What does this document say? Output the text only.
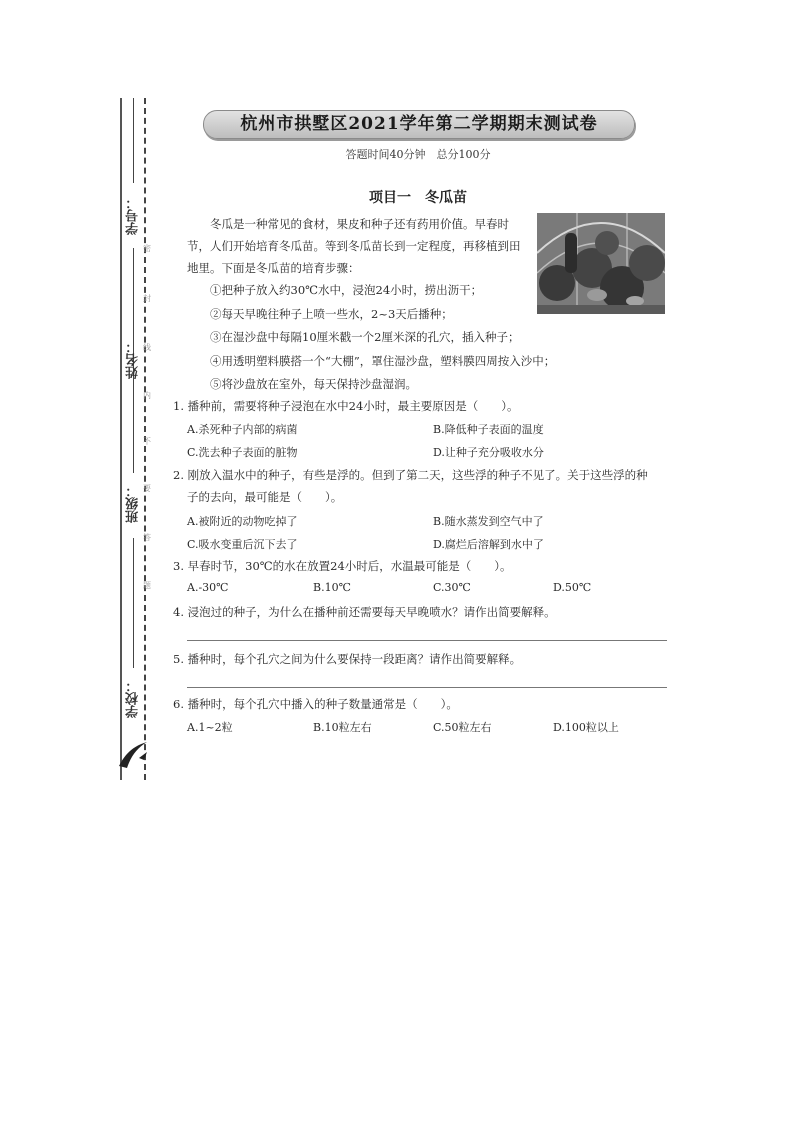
学号：
姓名：
班级：
学校：
密
封
线
内
不
要
答
题
杭州市拱墅区2021学年第二学期期末测试卷
答题时间40分钟　总分100分
项目一　冬瓜苗

冬瓜是一种常见的食材，果皮和种子还有药用价值。早春时节，人们开始培育冬瓜苗。等到冬瓜苗长到一定程度，再移植到田地里。下面是冬瓜苗的培育步骤：

①把种子放入约30℃水中，浸泡24小时，捞出沥干；
②每天早晚往种子上喷一些水，2~3天后播种；
③在湿沙盘中每隔10厘米戳一个2厘米深的孔穴，插入种子；
④用透明塑料膜搭一个“大棚”，罩住湿沙盘，塑料膜四周按入沙中；
⑤将沙盘放在室外，每天保持沙盘湿润。
1. 播种前，需要将种子浸泡在水中24小时，最主要原因是（　　）。
A.杀死种子内部的病菌	B.降低种子表面的温度
C.洗去种子表面的脏物	D.让种子充分吸收水分
2. 刚放入温水中的种子，有些是浮的。但到了第二天，这些浮的种子不见了。关于这些浮的种
子的去向，最可能是（　　）。
A.被附近的动物吃掉了	B.随水蒸发到空气中了
C.吸水变重后沉下去了	D.腐烂后溶解到水中了
3. 早春时节，30℃的水在放置24小时后，水温最可能是（　　）。
A.-30℃	B.10℃	C.30℃	D.50℃
4. 浸泡过的种子，为什么在播种前还需要每天早晚喷水？请作出简要解释。
5. 播种时，每个孔穴之间为什么要保持一段距离？请作出简要解释。
6. 播种时，每个孔穴中播入的种子数量通常是（　　）。
A.1~2粒	B.10粒左右	C.50粒左右	D.100粒以上
